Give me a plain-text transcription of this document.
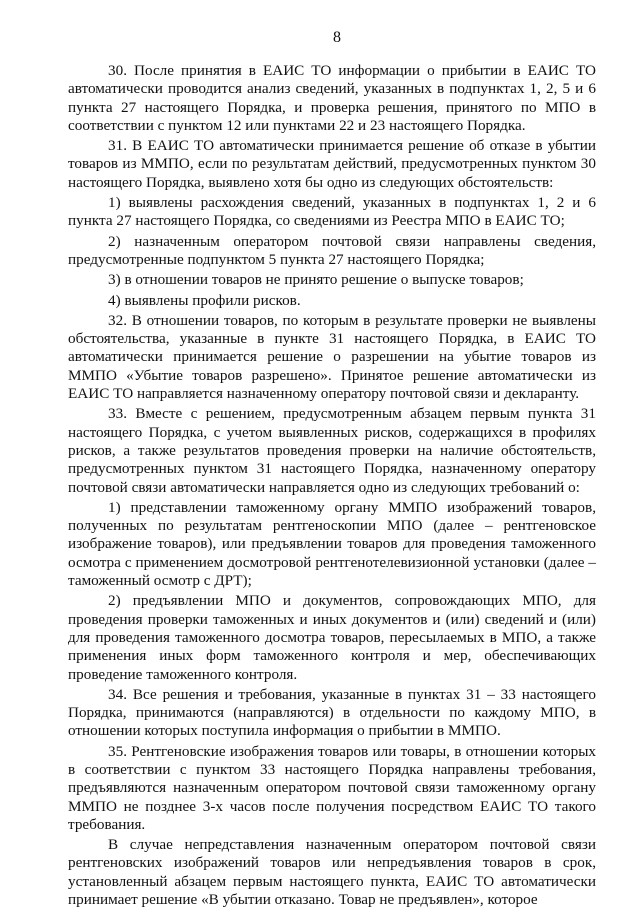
8

30. После принятия в ЕАИС ТО информации о прибытии в ЕАИС ТО автоматически проводится анализ сведений, указанных в подпунктах 1, 2, 5 и 6 пункта 27 настоящего Порядка, и проверка решения, принятого по МПО в соответствии с пунктом 12 или пунктами 22 и 23 настоящего Порядка.

31. В ЕАИС ТО автоматически принимается решение об отказе в убытии товаров из ММПО, если по результатам действий, предусмотренных пунктом 30 настоящего Порядка, выявлено хотя бы одно из следующих обстоятельств:

1) выявлены расхождения сведений, указанных в подпунктах 1, 2 и 6 пункта 27 настоящего Порядка, со сведениями из Реестра МПО в ЕАИС ТО;

2) назначенным оператором почтовой связи направлены сведения, предусмотренные подпунктом 5 пункта 27 настоящего Порядка;

3) в отношении товаров не принято решение о выпуске товаров;

4) выявлены профили рисков.

32. В отношении товаров, по которым в результате проверки не выявлены обстоятельства, указанные в пункте 31 настоящего Порядка, в ЕАИС ТО автоматически принимается решение о разрешении на убытие товаров из ММПО «Убытие товаров разрешено». Принятое решение автоматически из ЕАИС ТО направляется назначенному оператору почтовой связи и декларанту.

33. Вместе с решением, предусмотренным абзацем первым пункта 31 настоящего Порядка, с учетом выявленных рисков, содержащихся в профилях рисков, а также результатов проведения проверки на наличие обстоятельств, предусмотренных пунктом 31 настоящего Порядка, назначенному оператору почтовой связи автоматически направляется одно из следующих требований о:

1) представлении таможенному органу ММПО изображений товаров, полученных по результатам рентгеноскопии МПО (далее – рентгеновское изображение товаров), или предъявлении товаров для проведения таможенного осмотра с применением досмотровой рентгенотелевизионной установки (далее – таможенный осмотр с ДРТ);

2) предъявлении МПО и документов, сопровождающих МПО, для проведения проверки таможенных и иных документов и (или) сведений и (или) для проведения таможенного досмотра товаров, пересылаемых в МПО, а также применения иных форм таможенного контроля и мер, обеспечивающих проведение таможенного контроля.

34. Все решения и требования, указанные в пунктах 31 – 33 настоящего Порядка, принимаются (направляются) в отдельности по каждому МПО, в отношении которых поступила информация о прибытии в ММПО.

35. Рентгеновские изображения товаров или товары, в отношении которых в соответствии с пунктом 33 настоящего Порядка направлены требования, предъявляются назначенным оператором почтовой связи таможенному органу ММПО не позднее 3-х часов после получения посредством ЕАИС ТО такого требования.

В случае непредставления назначенным оператором почтовой связи рентгеновских изображений товаров или непредъявления товаров в срок, установленный абзацем первым настоящего пункта, ЕАИС ТО автоматически принимает решение «В убытии отказано. Товар не предъявлен», которое
